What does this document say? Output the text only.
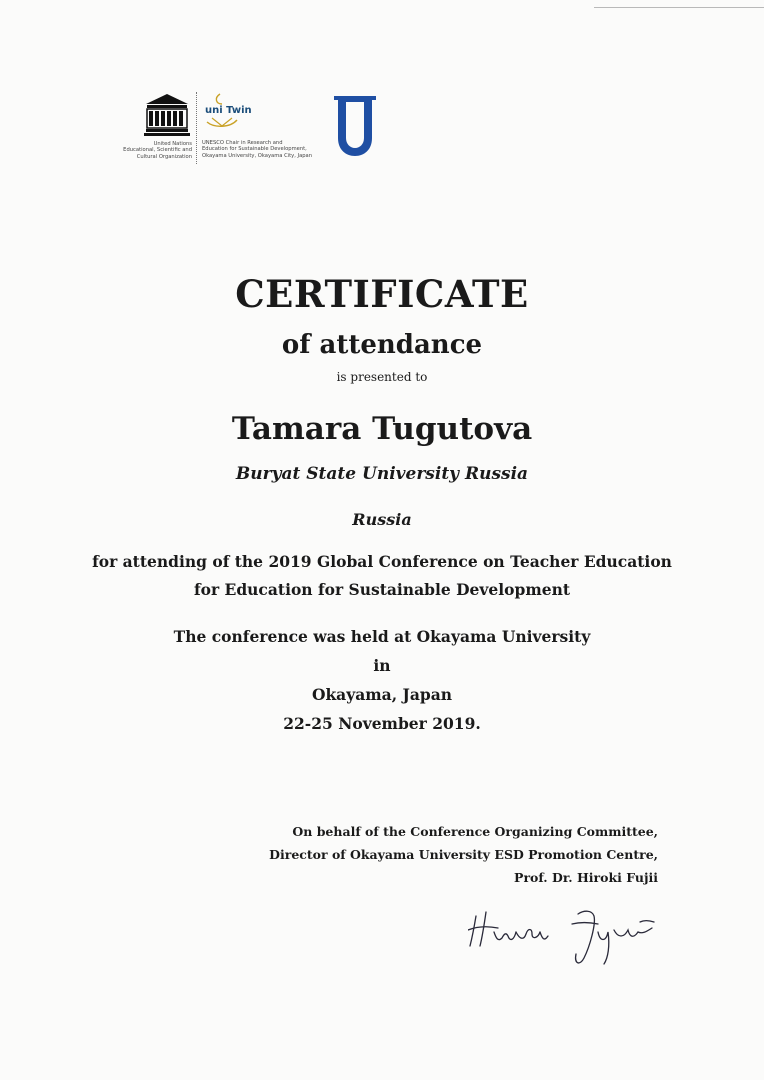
United Nations
Educational, Scientific and
Cultural Organization
uni Twin
UNESCO Chair in Research and
Education for Sustainable Development,
Okayama University, Okayama City, Japan
CERTIFICATE
of attendance
is presented to
Tamara Tugutova
Buryat State University Russia
Russia
for attending of the 2019 Global Conference on Teacher Education
for Education for Sustainable Development
The conference was held at Okayama University
in
Okayama, Japan
22-25 November 2019.
On behalf of the Conference Organizing Committee,
Director of Okayama University ESD Promotion Centre,
Prof. Dr. Hiroki Fujii
